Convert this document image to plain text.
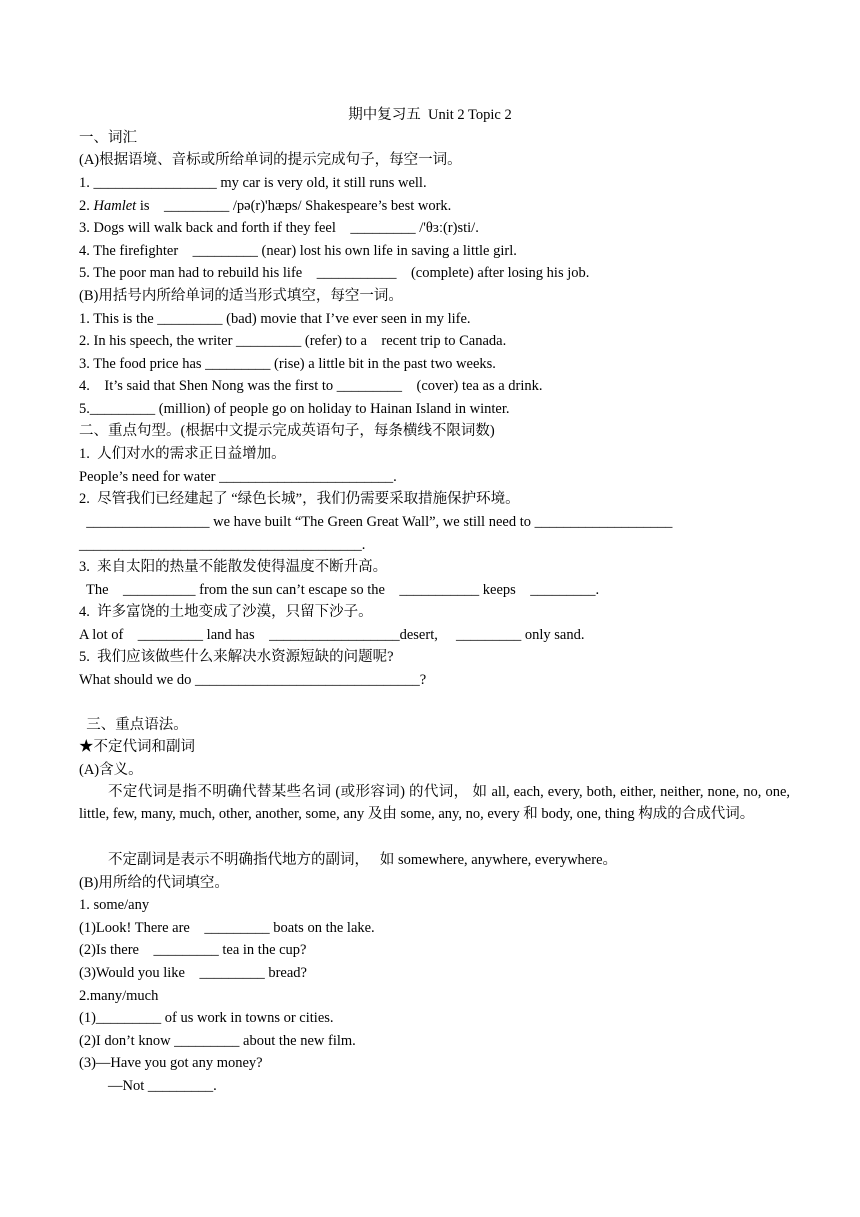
期中复习五  Unit 2 Topic 2
一、词汇
(A)根据语境、音标或所给单词的提示完成句子，每空一词。
1. _________________ my car is very old, it still runs well.
2. Hamlet is    _________ /pə(r)'hæps/ Shakespeare’s best work.
3. Dogs will walk back and forth if they feel    _________ /'θɜː(r)sti/.
4. The firefighter    _________ (near) lost his own life in saving a little girl.
5. The poor man had to rebuild his life    ___________    (complete) after losing his job.
(B)用括号内所给单词的适当形式填空，每空一词。
1. This is the _________ (bad) movie that I’ve ever seen in my life.
2. In his speech, the writer _________ (refer) to a    recent trip to Canada.
3. The food price has _________ (rise) a little bit in the past two weeks.
4.    It’s said that Shen Nong was the first to _________    (cover) tea as a drink.
5._________ (million) of people go on holiday to Hainan Island in winter.
二、重点句型。(根据中文提示完成英语句子，每条横线不限词数)
1.  人们对水的需求正日益增加。
People’s need for water ________________________.
2.  尽管我们已经建起了 “绿色长城”，我们仍需要采取措施保护环境。
_________________ we have built “The Green Great Wall”, we still need to ___________________
_______________________________________.
3.  来自太阳的热量不能散发使得温度不断升高。
The    __________ from the sun can’t escape so the    ___________ keeps    _________.
4.  许多富饶的土地变成了沙漠，只留下沙子。
A lot of    _________ land has    __________________desert,     _________ only sand.
5.  我们应该做些什么来解决水资源短缺的问题呢?
What should we do _______________________________?
三、重点语法。
★不定代词和副词
(A)含义。
不定代词是指不明确代替某些名词 (或形容词) 的代词， 如 all, each, every, both, either, neither, none, no, one, little, few, many, much, other, another, some, any 及由 some, any, no, every 和 body, one, thing 构成的合成代词。
不定副词是表示不明确指代地方的副词，   如 somewhere, anywhere, everywhere。
(B)用所给的代词填空。
1. some/any
(1)Look! There are    _________ boats on the lake.
(2)Is there    _________ tea in the cup?
(3)Would you like    _________ bread?
2.many/much
(1)_________ of us work in towns or cities.
(2)I don’t know _________ about the new film.
(3)—Have you got any money?
—Not _________.
